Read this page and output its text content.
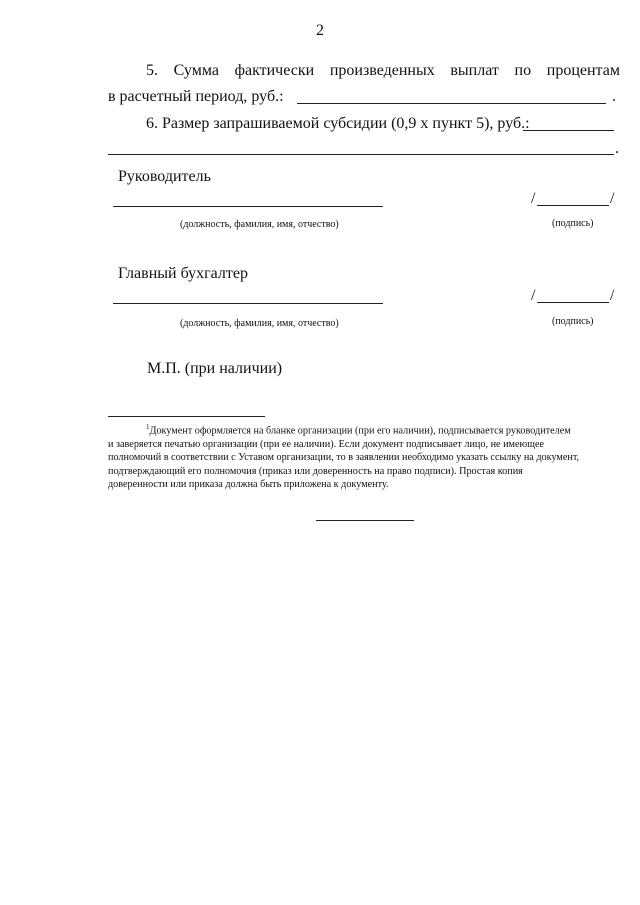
2
5. Сумма фактически произведенных выплат по процентам
в расчетный период, руб.:	.
6. Размер запрашиваемой субсидии (0,9 х пункт 5), руб.:
.
Руководитель
(должность, фамилия, имя, отчество)
/	/
(подпись)
Главный бухгалтер
(должность, фамилия, имя, отчество)
/	/
(подпись)
М.П. (при наличии)
$^1$Документ оформляется на бланке организации (при его наличии), подписывается руководителем
и заверяется печатью организации (при ее наличии). Если документ подписывает лицо, не имеющее
полномочий в соответствии с Уставом организации, то в заявлении необходимо указать ссылку на документ,
подтверждающий его полномочия (приказ или доверенность на право подписи). Простая копия
доверенности или приказа должна быть приложена к документу.
